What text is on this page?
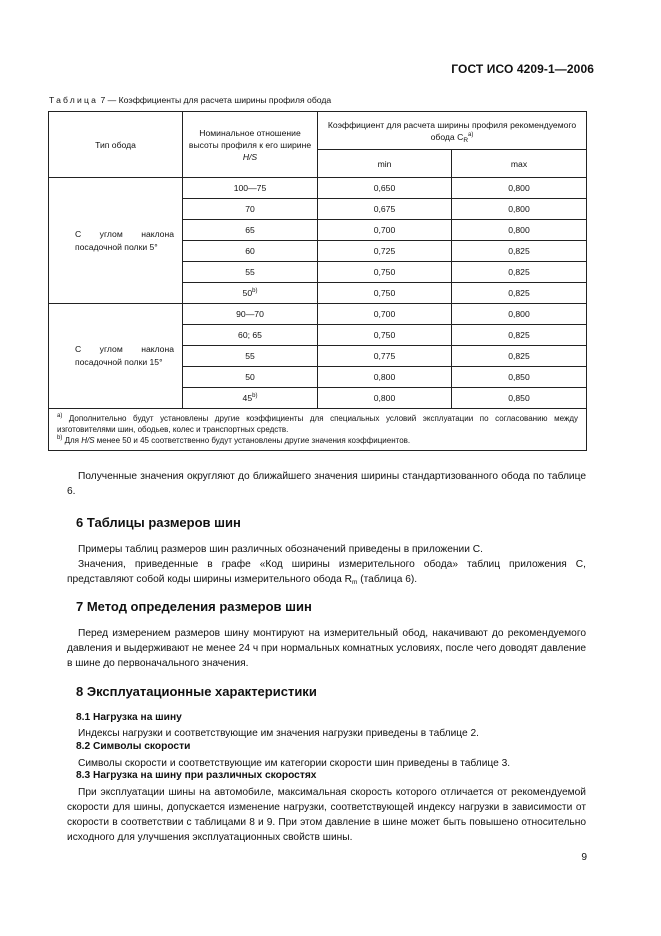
ГОСТ ИСО 4209-1—2006
Таблица 7 — Коэффициенты для расчета ширины профиля обода
Тип обода	Номинальное отношение
высоты профиля к его ширине
H/S	Коэффициент для расчета ширины профиля рекомендуемого
обода $C_R^{a)}$
		min	max
С углом наклона посадочной полки 5°	100—75	0,650	0,800
	70	0,675	0,800
	65	0,700	0,800
	60	0,725	0,825
	55	0,750	0,825
	50$^{b)}$	0,750	0,825
С углом наклона посадочной полки 15°	90—70	0,700	0,800
	60; 65	0,750	0,825
	55	0,775	0,825
	50	0,800	0,850
	45$^{b)}$	0,800	0,850

$^{a)}$ Дополнительно будут установлены другие коэффициенты для специальных условий эксплуатации по согласованию между изготовителями шин, ободьев, колес и транспортных средств.
$^{b)}$ Для H/S менее 50 и 45 соответственно будут установлены другие значения коэффициентов.			

Полученные значения округляют до ближайшего значения ширины стандартизованного обода по таблице 6.

6 Таблицы размеров шин

Примеры таблиц размеров шин различных обозначений приведены в приложении С.

Значения, приведенные в графе «Код ширины измерительного обода» таблиц приложения С, представляют собой коды ширины измерительного обода $R_m$ (таблица 6).

7 Метод определения размеров шин

Перед измерением размеров шину монтируют на измерительный обод, накачивают до рекомендуемого давления и выдерживают не менее 24 ч при нормальных комнатных условиях, после чего доводят давление в шине до первоначального значения.

8 Эксплуатационные характеристики
8.1 Нагрузка на шину

Индексы нагрузки и соответствующие им значения нагрузки приведены в таблице 2.

8.2 Символы скорости

Символы скорости и соответствующие им категории скорости шин приведены в таблице 3.

8.3 Нагрузка на шину при различных скоростях

При эксплуатации шины на автомобиле, максимальная скорость которого отличается от рекомендуемой скорости для шины, допускается изменение нагрузки, соответствующей индексу нагрузки в зависимости от скорости в соответствии с таблицами 8 и 9. При этом давление в шине может быть повышено относительно исходного для улучшения эксплуатационных свойств шины.

9
